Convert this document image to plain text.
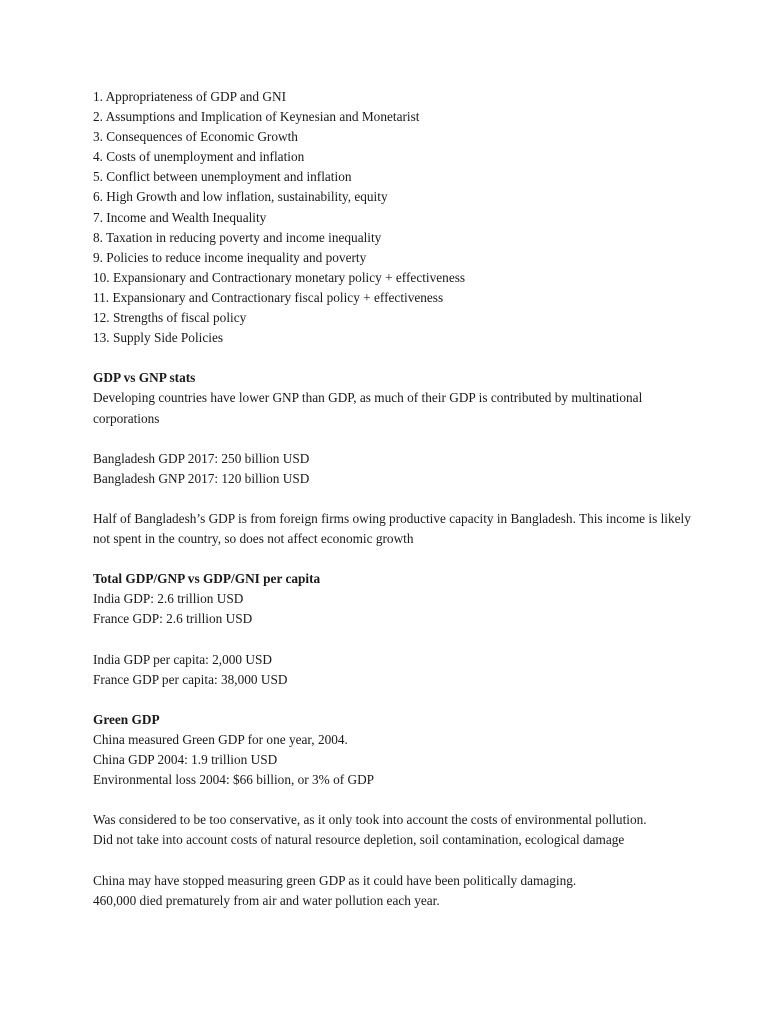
1. Appropriateness of GDP and GNI
2. Assumptions and Implication of Keynesian and Monetarist
3. Consequences of Economic Growth
4. Costs of unemployment and inflation
5. Conflict between unemployment and inflation
6. High Growth and low inflation, sustainability, equity
7. Income and Wealth Inequality
8. Taxation in reducing poverty and income inequality
9. Policies to reduce income inequality and poverty
10. Expansionary and Contractionary monetary policy + effectiveness
11. Expansionary and Contractionary fiscal policy + effectiveness
12. Strengths of fiscal policy
13. Supply Side Policies
GDP vs GNP stats
Developing countries have lower GNP than GDP, as much of their GDP is contributed by multinational corporations
Bangladesh GDP 2017: 250 billion USD
Bangladesh GNP 2017: 120 billion USD
Half of Bangladesh’s GDP is from foreign firms owing productive capacity in Bangladesh. This income is likely not spent in the country, so does not affect economic growth
Total GDP/GNP vs GDP/GNI per capita
India GDP: 2.6 trillion USD
France GDP: 2.6 trillion USD
India GDP per capita: 2,000 USD
France GDP per capita: 38,000 USD
Green GDP
China measured Green GDP for one year, 2004.
China GDP 2004: 1.9 trillion USD
Environmental loss 2004: $66 billion, or 3% of GDP
Was considered to be too conservative, as it only took into account the costs of environmental pollution.
Did not take into account costs of natural resource depletion, soil contamination, ecological damage
China may have stopped measuring green GDP as it could have been politically damaging.
460,000 died prematurely from air and water pollution each year.
